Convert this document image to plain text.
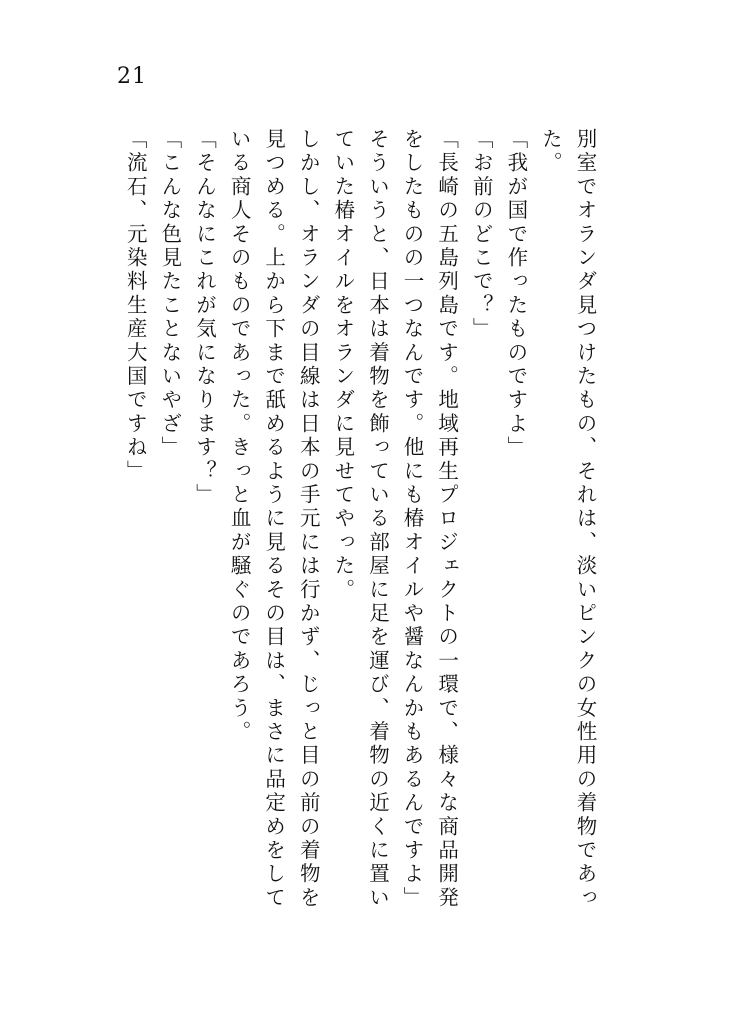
21

別室でオランダ見つけたもの、それは、淡いピンクの女性用の着物であった。

「我が国で作ったものですよ」

「お前のどこで？」

「長崎の五島列島です。地域再生プロジェクトの一環で、様々な商品開発をしたものの一つなんです。他にも椿オイルや醤なんかもあるんですよ」

そういうと、日本は着物を飾っている部屋に足を運び、着物の近くに置いていた椿オイルをオランダに見せてやった。

しかし、オランダの目線は日本の手元には行かず、じっと目の前の着物を見つめる。上から下まで舐めるように見るその目は、まさに品定めをしている商人そのものであった。きっと血が騒ぐのであろう。

「そんなにこれが気になります？」

「こんな色見たことないやざ」

「流石、元染料生産大国ですね」
